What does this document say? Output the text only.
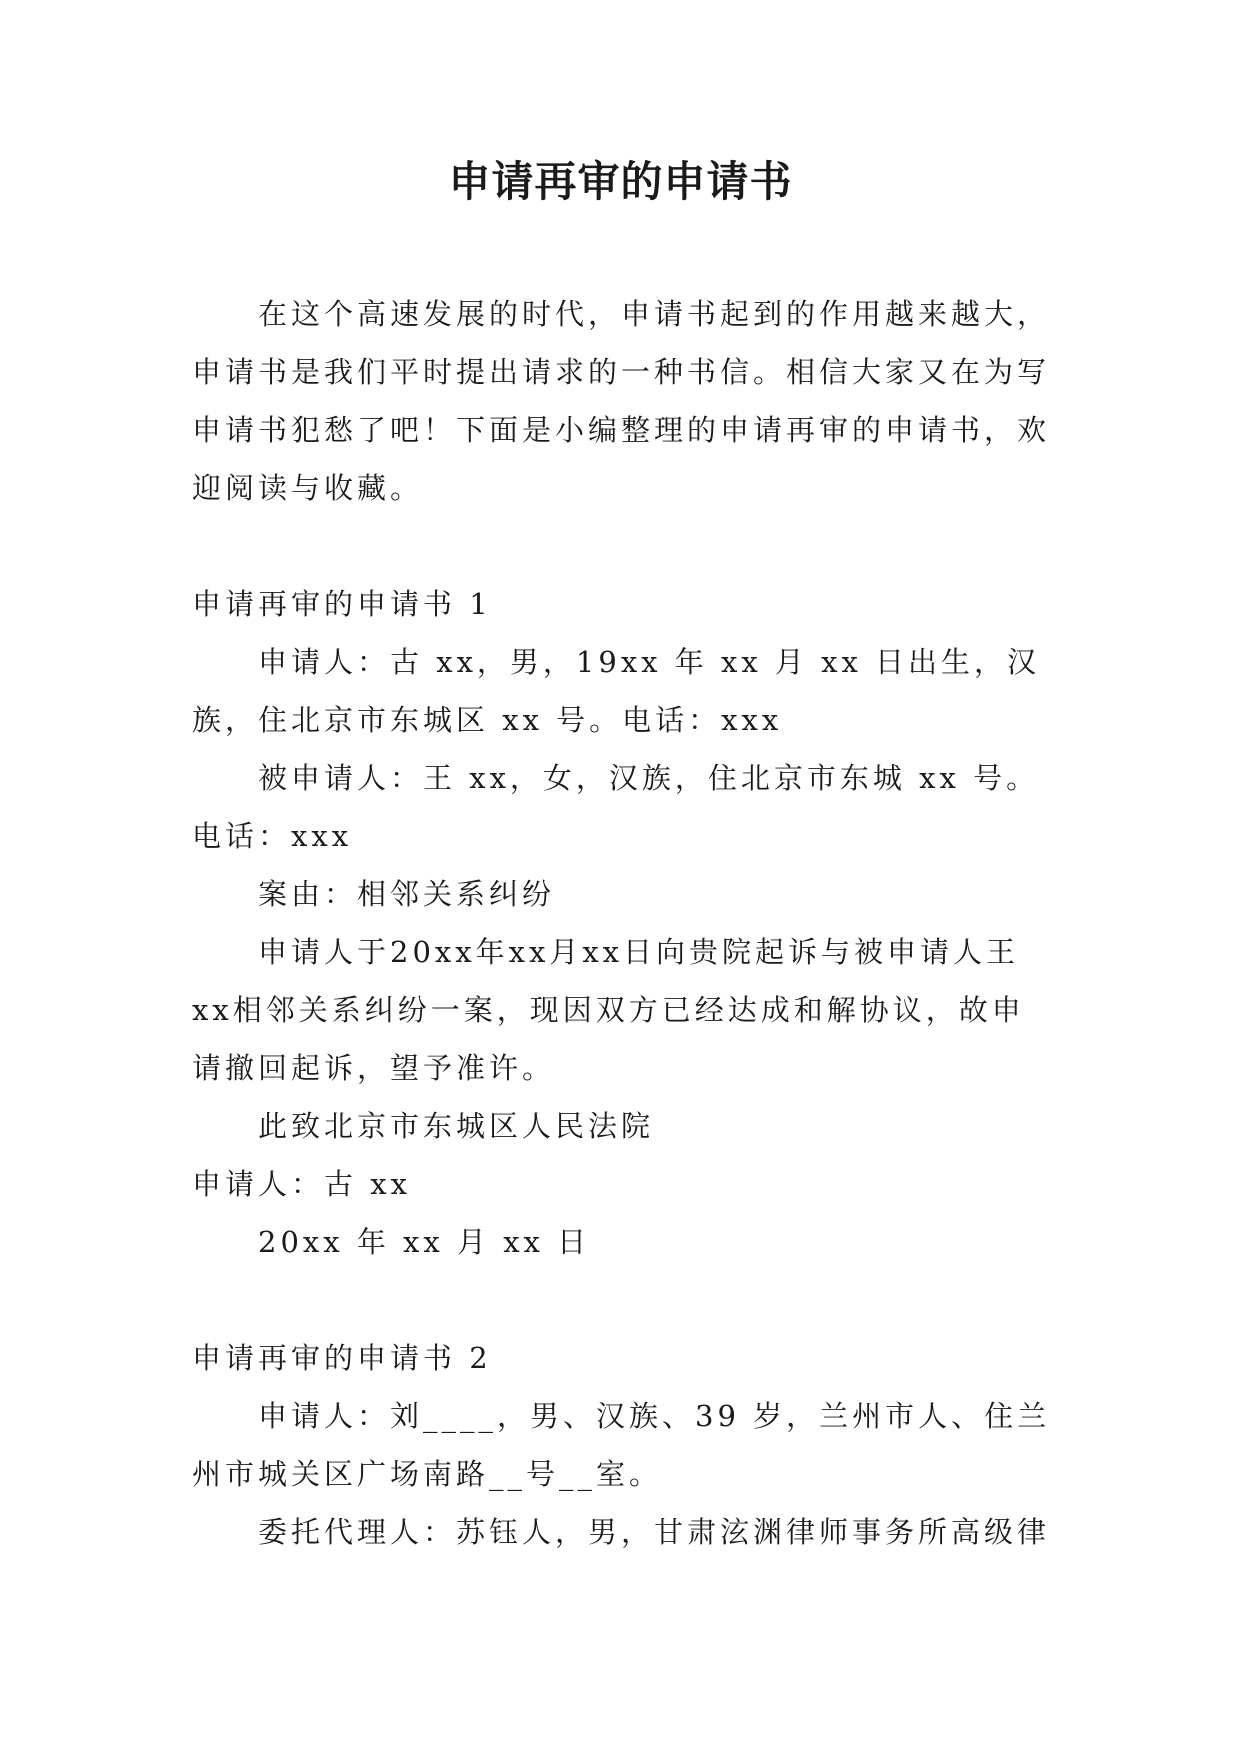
申请再审的申请书

在这个高速发展的时代，申请书起到的作用越来越大，申请书是我们平时提出请求的一种书信。相信大家又在为写申请书犯愁了吧！下面是小编整理的申请再审的申请书，欢迎阅读与收藏。

申请再审的申请书 1

申请人：古 xx，男，19xx 年 xx 月 xx 日出生，汉族，住北京市东城区 xx 号。电话：xxx

被申请人：王 xx，女，汉族，住北京市东城 xx 号。电话：xxx

案由：相邻关系纠纷

申请人于20xx年xx月xx日向贵院起诉与被申请人王xx相邻关系纠纷一案，现因双方已经达成和解协议，故申请撤回起诉，望予准许。

此致北京市东城区人民法院

申请人：古 xx

20xx 年 xx 月 xx 日

申请再审的申请书 2

申请人：刘____，男、汉族、39 岁，兰州市人、住兰州市城关区广场南路__号__室。

委托代理人：苏钰人，男，甘肃泫渊律师事务所高级律
